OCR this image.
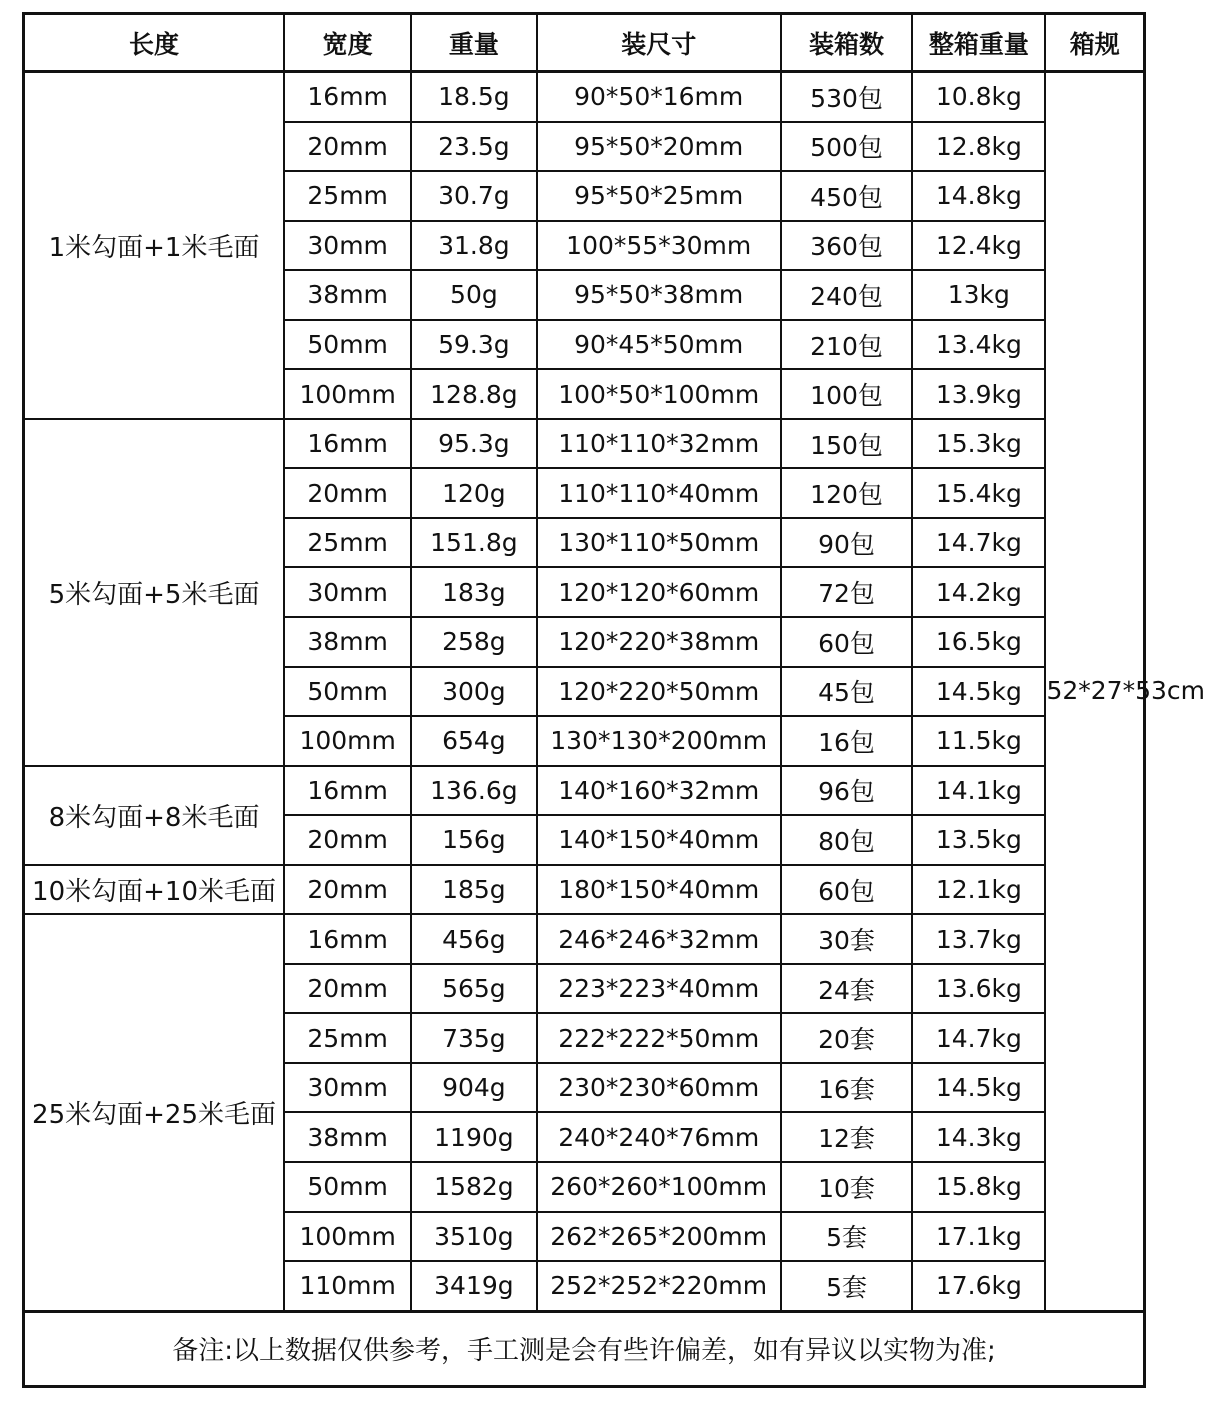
长度	宽度	重量	装尺寸	装箱数	整箱重量	箱规
1米勾面+1米毛面	16mm	18.5g	90*50*16mm	530包	10.8kg	52*27*53cm
	20mm	23.5g	95*50*20mm	500包	12.8kg	
	25mm	30.7g	95*50*25mm	450包	14.8kg	
	30mm	31.8g	100*55*30mm	360包	12.4kg	
	38mm	50g	95*50*38mm	240包	13kg	
	50mm	59.3g	90*45*50mm	210包	13.4kg	
	100mm	128.8g	100*50*100mm	100包	13.9kg	
5米勾面+5米毛面	16mm	95.3g	110*110*32mm	150包	15.3kg	
	20mm	120g	110*110*40mm	120包	15.4kg	
	25mm	151.8g	130*110*50mm	90包	14.7kg	
	30mm	183g	120*120*60mm	72包	14.2kg	
	38mm	258g	120*220*38mm	60包	16.5kg	
	50mm	300g	120*220*50mm	45包	14.5kg	
	100mm	654g	130*130*200mm	16包	11.5kg	
8米勾面+8米毛面	16mm	136.6g	140*160*32mm	96包	14.1kg	
	20mm	156g	140*150*40mm	80包	13.5kg	
10米勾面+10米毛面	20mm	185g	180*150*40mm	60包	12.1kg	
25米勾面+25米毛面	16mm	456g	246*246*32mm	30套	13.7kg	
	20mm	565g	223*223*40mm	24套	13.6kg	
	25mm	735g	222*222*50mm	20套	14.7kg	
	30mm	904g	230*230*60mm	16套	14.5kg	
	38mm	1190g	240*240*76mm	12套	14.3kg	
	50mm	1582g	260*260*100mm	10套	15.8kg	
	100mm	3510g	262*265*200mm	5套	17.1kg	
	110mm	3419g	252*252*220mm	5套	17.6kg	
备注:以上数据仅供参考，手工测是会有些许偏差，如有异议以实物为准;						
